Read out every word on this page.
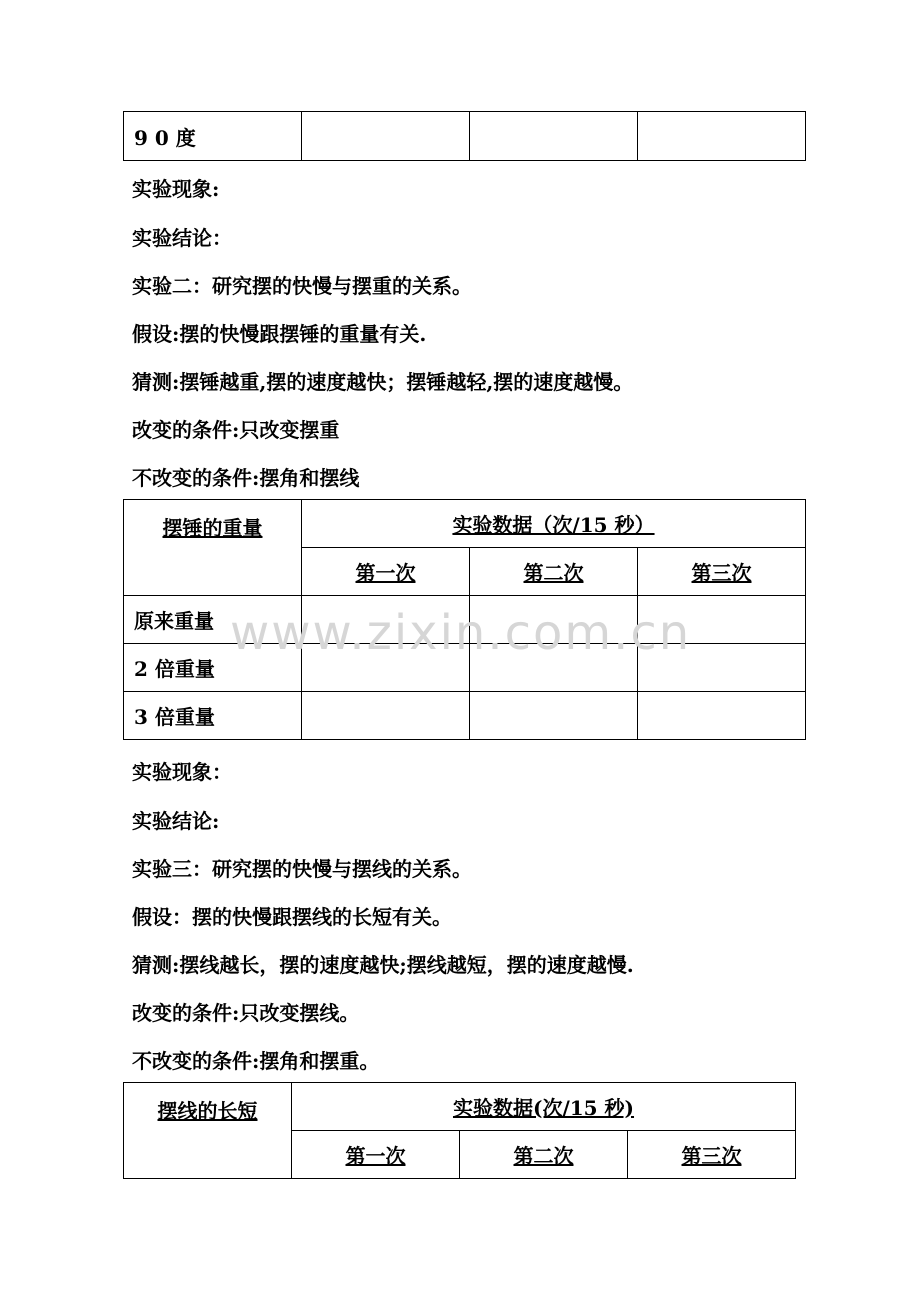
9 0 度			
实验现象:
实验结论：
实验二：研究摆的快慢与摆重的关系。
假设:摆的快慢跟摆锤的重量有关.
猜测:摆锤越重,摆的速度越快；摆锤越轻,摆的速度越慢。
改变的条件:只改变摆重
不改变的条件:摆角和摆线
摆锤的重量	实验数据（次/15 秒）		
	第一次	第二次	第三次
原来重量			
2 倍重量			
3 倍重量			
实验现象：
实验结论:
实验三：研究摆的快慢与摆线的关系。
假设：摆的快慢跟摆线的长短有关。
猜测:摆线越长，摆的速度越快;摆线越短，摆的速度越慢.
改变的条件:只改变摆线。
不改变的条件:摆角和摆重。
摆线的长短	实验数据(次/15 秒)		
	第一次	第二次	第三次
www.zixin.com.cn
